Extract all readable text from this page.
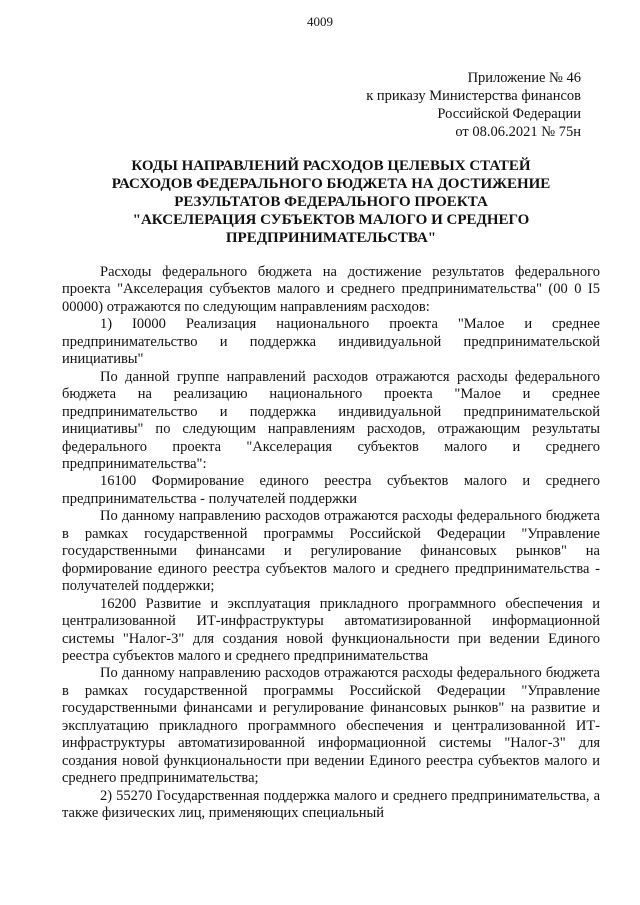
4009
Приложение № 46
к приказу Министерства финансов
Российской Федерации
от 08.06.2021 № 75н
КОДЫ НАПРАВЛЕНИЙ РАСХОДОВ ЦЕЛЕВЫХ СТАТЕЙ
РАСХОДОВ ФЕДЕРАЛЬНОГО БЮДЖЕТА НА ДОСТИЖЕНИЕ
РЕЗУЛЬТАТОВ ФЕДЕРАЛЬНОГО ПРОЕКТА
"АКСЕЛЕРАЦИЯ СУБЪЕКТОВ МАЛОГО И СРЕДНЕГО
ПРЕДПРИНИМАТЕЛЬСТВА"

Расходы федерального бюджета на достижение результатов федерального проекта "Акселерация субъектов малого и среднего предпринимательства" (00 0 I5 00000) отражаются по следующим направлениям расходов:

1) I0000 Реализация национального проекта "Малое и среднее предпринимательство и поддержка индивидуальной предпринимательской инициативы"

По данной группе направлений расходов отражаются расходы федерального бюджета на реализацию национального проекта "Малое и среднее предпринимательство и поддержка индивидуальной предпринимательской инициативы" по следующим направлениям расходов, отражающим результаты федерального проекта "Акселерация субъектов малого и среднего предпринимательства":

16100 Формирование единого реестра субъектов малого и среднего предпринимательства - получателей поддержки

По данному направлению расходов отражаются расходы федерального бюджета в рамках государственной программы Российской Федерации "Управление государственными финансами и регулирование финансовых рынков" на формирование единого реестра субъектов малого и среднего предпринимательства - получателей поддержки;

16200 Развитие и эксплуатация прикладного программного обеспечения и централизованной ИТ-инфраструктуры автоматизированной информационной системы "Налог-3" для создания новой функциональности при ведении Единого реестра субъектов малого и среднего предпринимательства

По данному направлению расходов отражаются расходы федерального бюджета в рамках государственной программы Российской Федерации "Управление государственными финансами и регулирование финансовых рынков" на развитие и эксплуатацию прикладного программного обеспечения и централизованной ИТ-инфраструктуры автоматизированной информационной системы "Налог-3" для создания новой функциональности при ведении Единого реестра субъектов малого и среднего предпринимательства;

2) 55270 Государственная поддержка малого и среднего предпринимательства, а также физических лиц, применяющих специальный
